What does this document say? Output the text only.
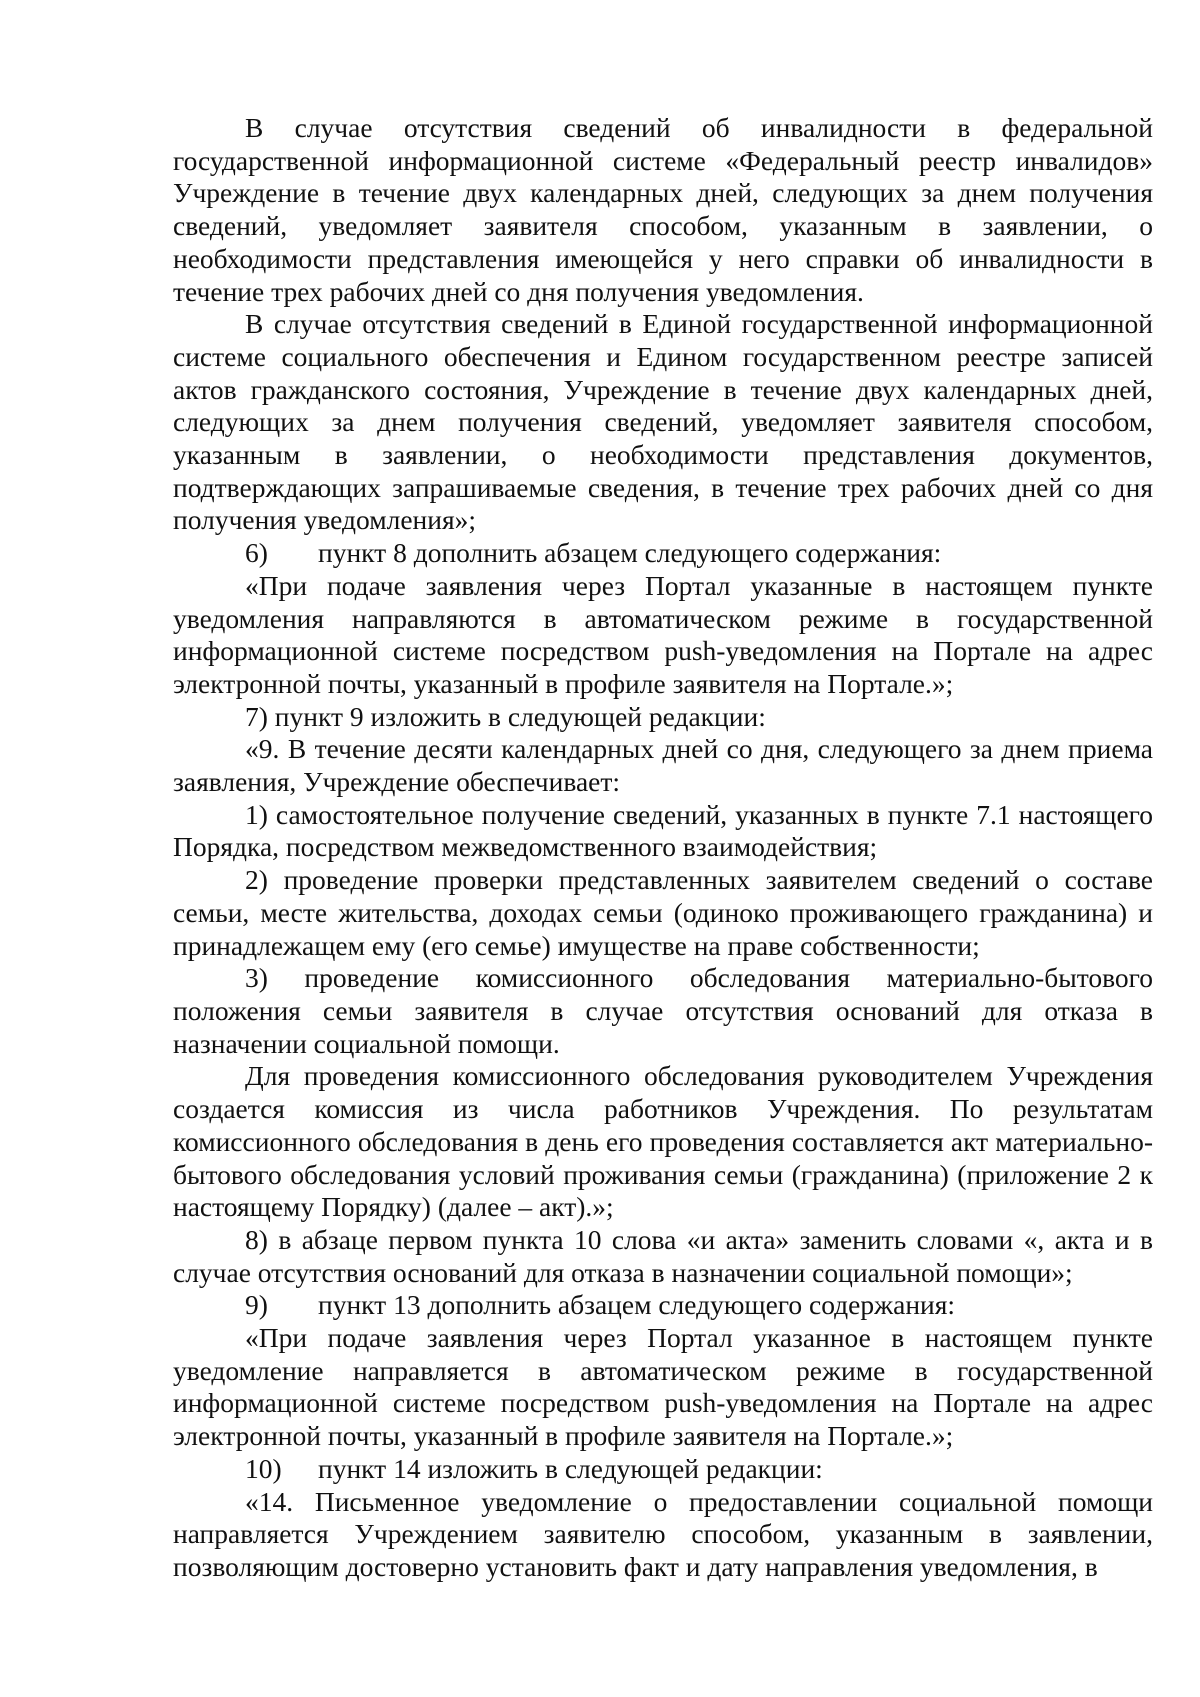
В случае отсутствия сведений об инвалидности в федеральной государственной информационной системе «Федеральный реестр инвалидов» Учреждение в течение двух календарных дней, следующих за днем получения сведений, уведомляет заявителя способом, указанным в заявлении, о необходимости представления имеющейся у него справки об инвалидности в течение трех рабочих дней со дня получения уведомления.

В случае отсутствия сведений в Единой государственной информационной системе социального обеспечения и Едином государственном реестре записей актов гражданского состояния, Учреждение в течение двух календарных дней, следующих за днем получения сведений, уведомляет заявителя способом, указанным в заявлении, о необходимости представления документов, подтверждающих запрашиваемые сведения, в течение трех рабочих дней со дня получения уведомления»;

6) пункт 8 дополнить абзацем следующего содержания:

«При подаче заявления через Портал указанные в настоящем пункте уведомления направляются в автоматическом режиме в государственной информационной системе посредством push-уведомления на Портале на адрес электронной почты, указанный в профиле заявителя на Портале.»;

7) пункт 9 изложить в следующей редакции:

«9. В течение десяти календарных дней со дня, следующего за днем приема заявления, Учреждение обеспечивает:

1) самостоятельное получение сведений, указанных в пункте 7.1 настоящего Порядка, посредством межведомственного взаимодействия;

2) проведение проверки представленных заявителем сведений о составе семьи, месте жительства, доходах семьи (одиноко проживающего гражданина) и принадлежащем ему (его семье) имуществе на праве собственности;

3) проведение комиссионного обследования материально-бытового положения семьи заявителя в случае отсутствия оснований для отказа в назначении социальной помощи.

Для проведения комиссионного обследования руководителем Учреждения создается комиссия из числа работников Учреждения. По результатам комиссионного обследования в день его проведения составляется акт материально-бытового обследования условий проживания семьи (гражданина) (приложение 2 к настоящему Порядку) (далее – акт).»;

8) в абзаце первом пункта 10 слова «и акта» заменить словами «, акта и в случае отсутствия оснований для отказа в назначении социальной помощи»;

9) пункт 13 дополнить абзацем следующего содержания:

«При подаче заявления через Портал указанное в настоящем пункте уведомление направляется в автоматическом режиме в государственной информационной системе посредством push-уведомления на Портале на адрес электронной почты, указанный в профиле заявителя на Портале.»;

10) пункт 14 изложить в следующей редакции:

«14. Письменное уведомление о предоставлении социальной помощи направляется Учреждением заявителю способом, указанным в заявлении, позволяющим достоверно установить факт и дату направления уведомления, в
